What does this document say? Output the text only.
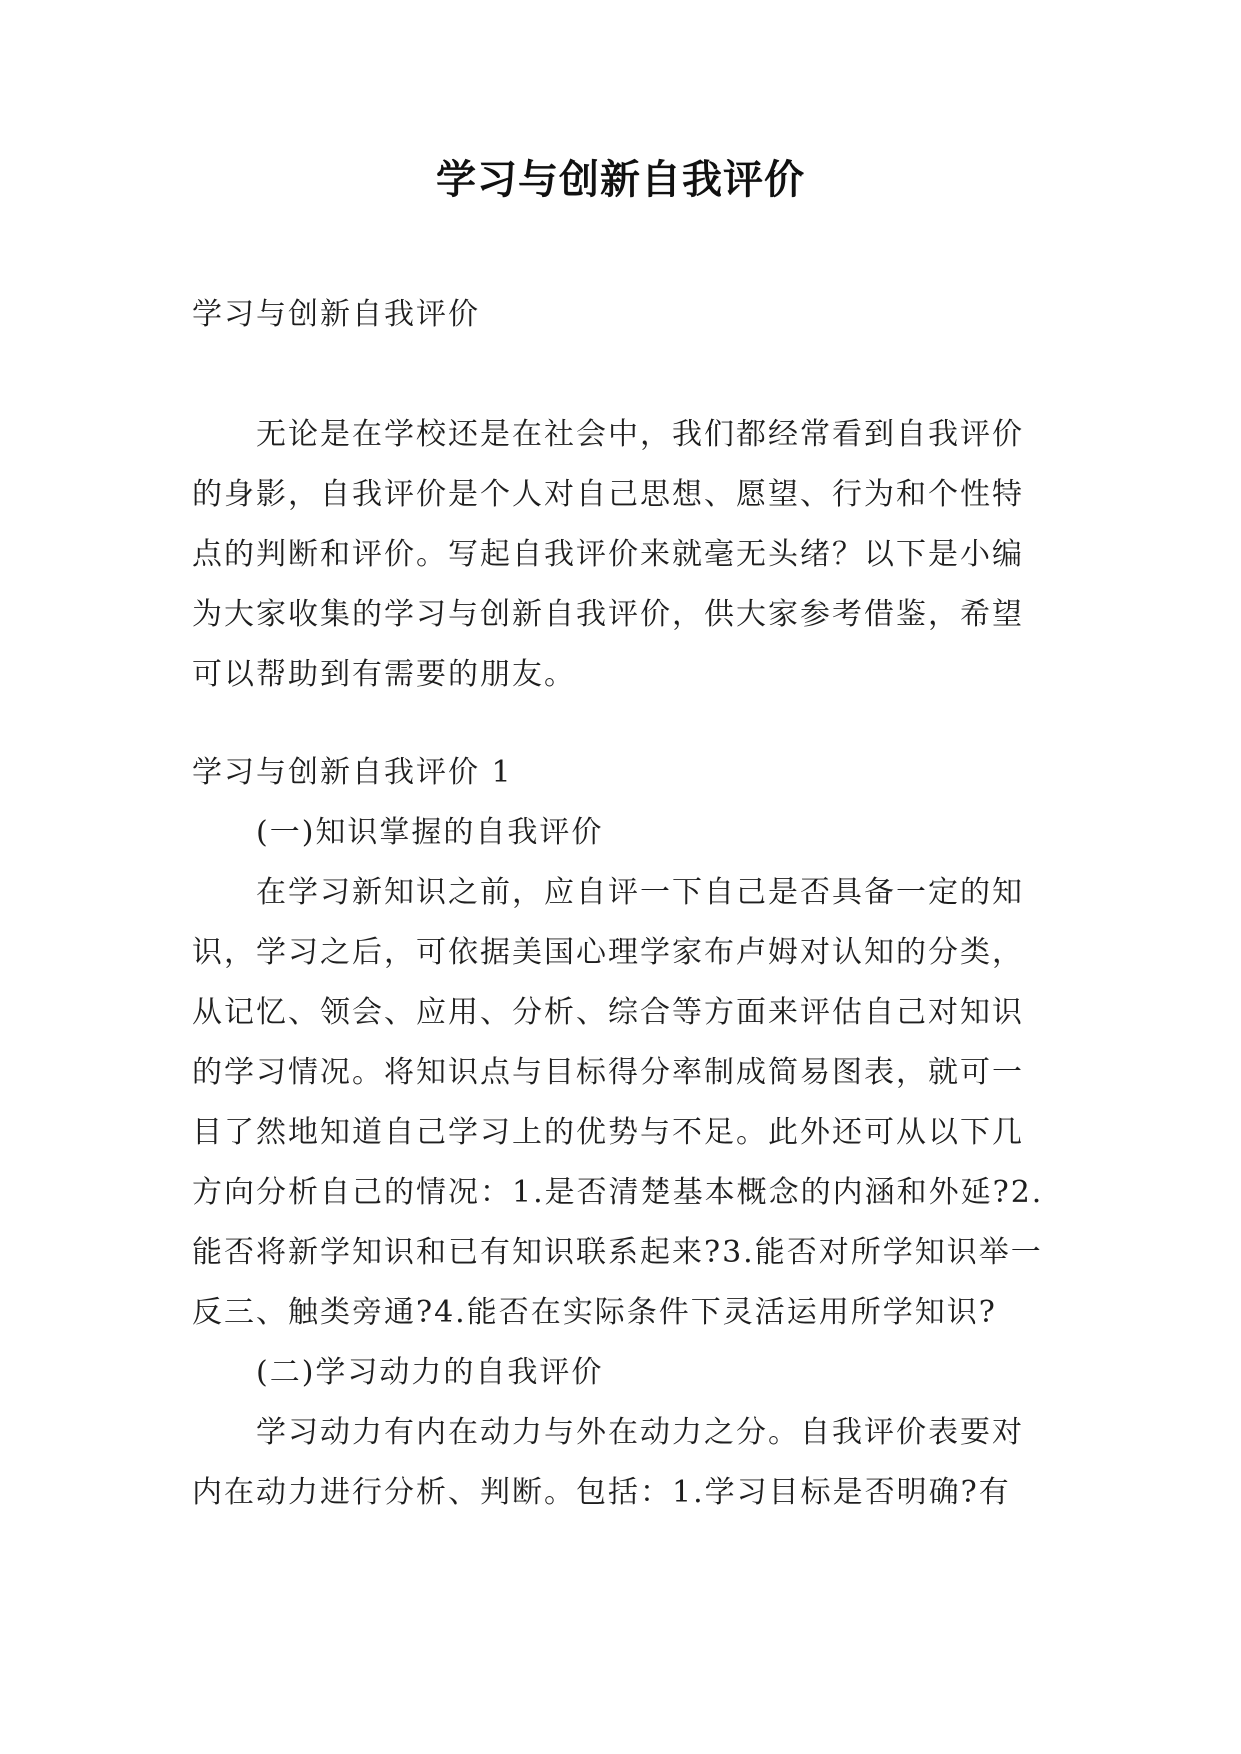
学习与创新自我评价
学习与创新自我评价
无论是在学校还是在社会中，我们都经常看到自我评价的身影，自我评价是个人对自己思想、愿望、行为和个性特点的判断和评价。写起自我评价来就毫无头绪？以下是小编为大家收集的学习与创新自我评价，供大家参考借鉴，希望可以帮助到有需要的朋友。
学习与创新自我评价 1

(一)知识掌握的自我评价

在学习新知识之前，应自评一下自己是否具备一定的知识，学习之后，可依据美国心理学家布卢姆对认知的分类，从记忆、领会、应用、分析、综合等方面来评估自己对知识的学习情况。将知识点与目标得分率制成简易图表，就可一目了然地知道自己学习上的优势与不足。此外还可从以下几方向分析自己的情况：1.是否清楚基本概念的内涵和外延?2.能否将新学知识和已有知识联系起来?3.能否对所学知识举一反三、触类旁通?4.能否在实际条件下灵活运用所学知识?

(二)学习动力的自我评价

学习动力有内在动力与外在动力之分。自我评价表要对内在动力进行分析、判断。包括：1.学习目标是否明确?有
